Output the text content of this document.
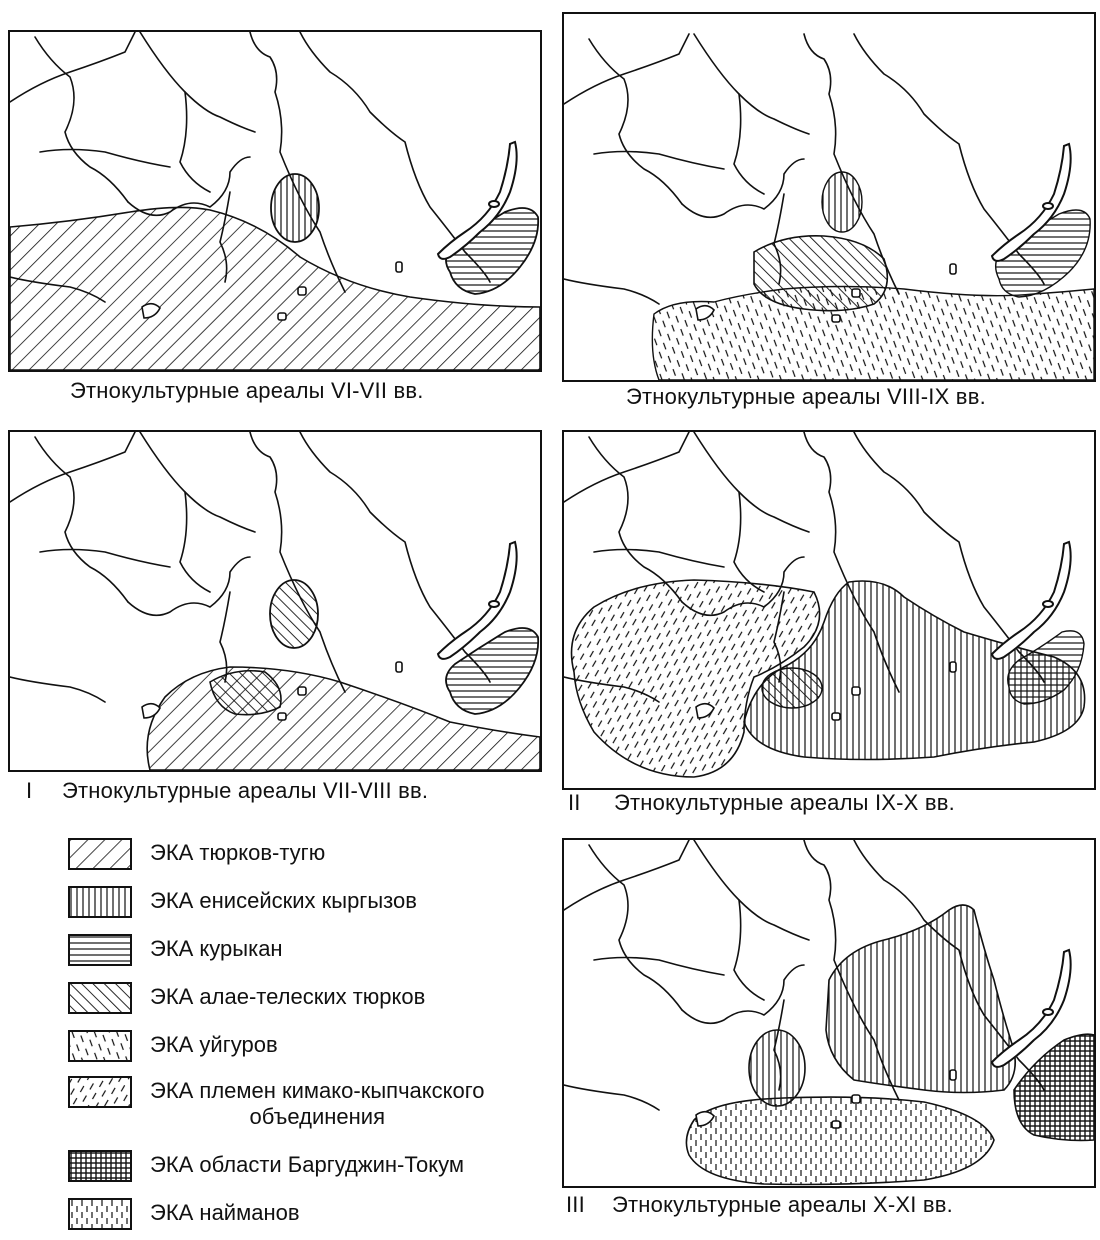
Этнокультурные ареалы VI-VII вв.	Этнокультурные ареалы VIII-IX вв.
I Этнокультурные ареалы VII-VIII вв.	II Этнокультурные ареалы IX-X вв.
III Этнокультурные ареалы X-XI вв.
ЭКА тюрков-тугю
ЭКА енисейских кыргызов
ЭКА курыкан
ЭКА алае-телеских тюрков
ЭКА уйгуров
ЭКА племен кимако-кыпчакского
объединения
ЭКА области Баргуджин-Токум
ЭКА найманов
